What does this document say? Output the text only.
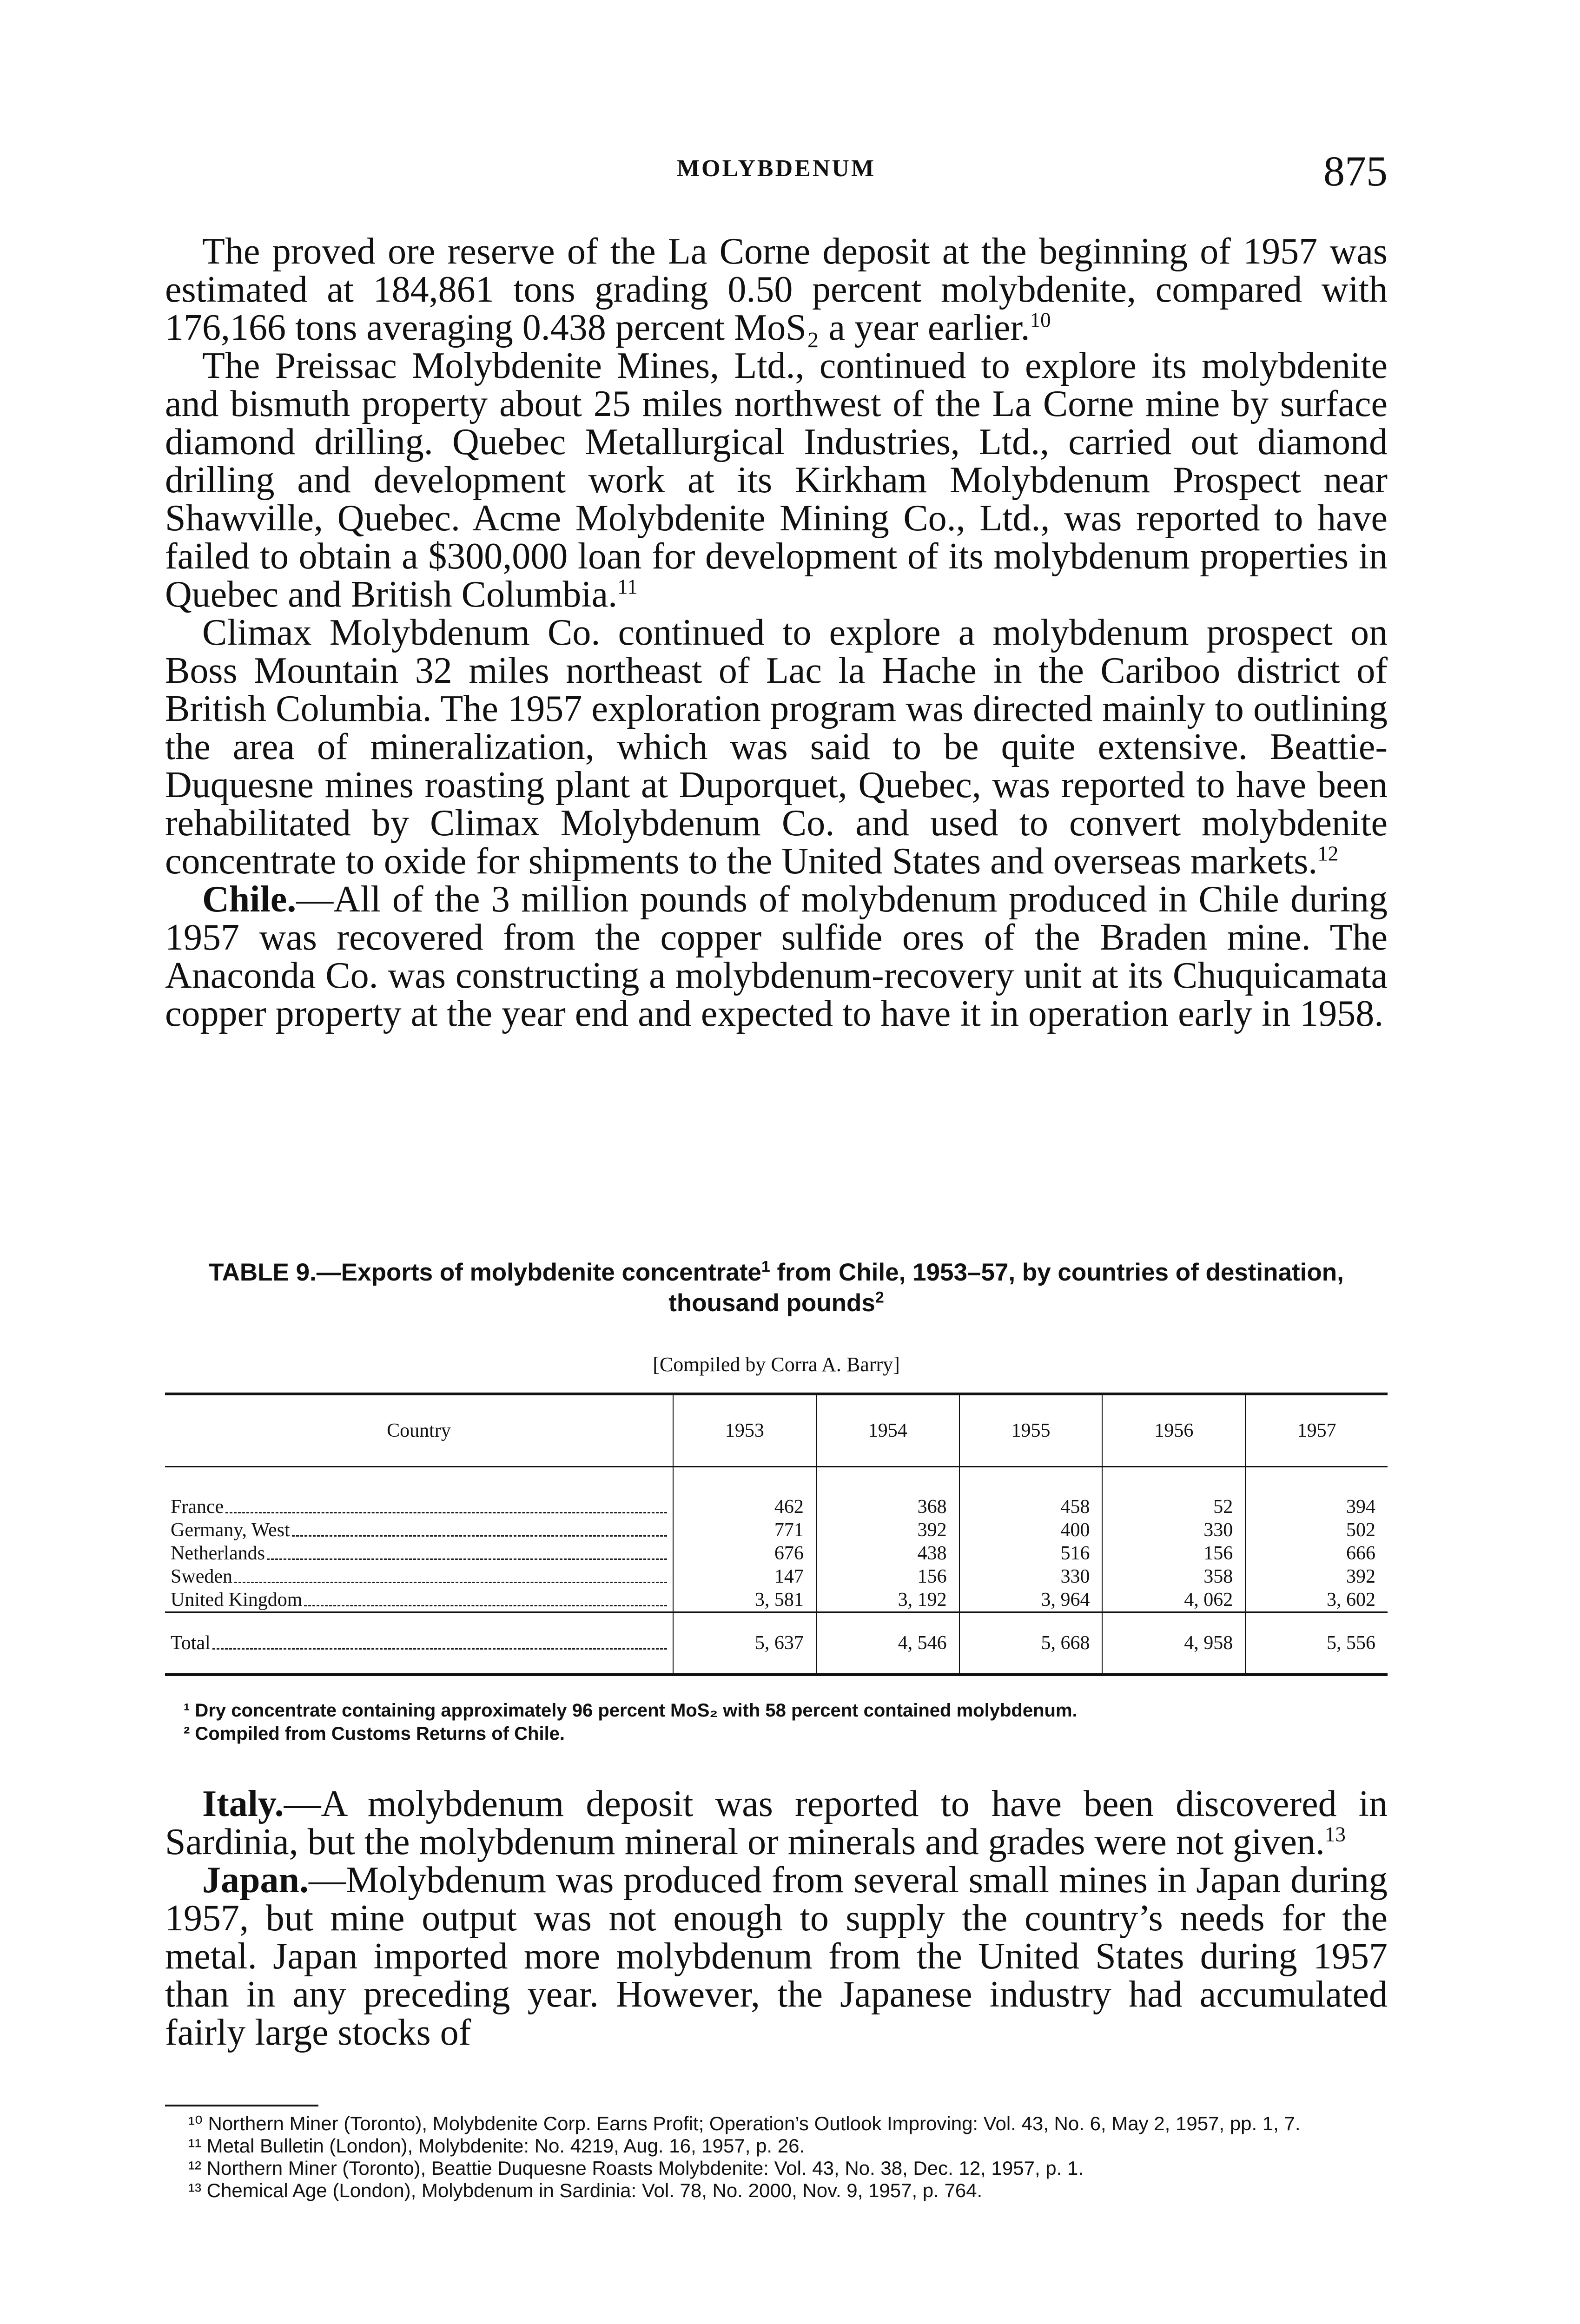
MOLYBDENUM	875

The proved ore reserve of the La Corne deposit at the beginning of 1957 was estimated at 184,861 tons grading 0.50 percent molybdenite, compared with 176,166 tons averaging 0.438 percent MoS₂ a year earlier.$^{10}$

The Preissac Molybdenite Mines, Ltd., continued to explore its molybdenite and bismuth property about 25 miles northwest of the La Corne mine by surface diamond drilling. Quebec Metallurgical Industries, Ltd., carried out diamond drilling and development work at its Kirkham Molybdenum Prospect near Shawville, Quebec. Acme Molybdenite Mining Co., Ltd., was reported to have failed to obtain a $300,000 loan for development of its molybdenum properties in Quebec and British Columbia.$^{11}$

Climax Molybdenum Co. continued to explore a molybdenum prospect on Boss Mountain 32 miles northeast of Lac la Hache in the Cariboo district of British Columbia. The 1957 exploration program was directed mainly to outlining the area of mineralization, which was said to be quite extensive. Beattie-Duquesne mines roasting plant at Duporquet, Quebec, was reported to have been rehabilitated by Climax Molybdenum Co. and used to convert molybdenite concentrate to oxide for shipments to the United States and overseas markets.$^{12}$

Chile.—All of the 3 million pounds of molybdenum produced in Chile during 1957 was recovered from the copper sulfide ores of the Braden mine. The Anaconda Co. was constructing a molybdenum-recovery unit at its Chuquicamata copper property at the year end and expected to have it in operation early in 1958.

TABLE 9.—Exports of molybdenite concentrate$^1$ from Chile, 1953–57, by countries of destination, thousand pounds$^2$
[Compiled by Corra A. Barry]
Country	1953	1954	1955	1956	1957

France	462	368	458	52	394

Germany, West	771	392	400	330	502

Netherlands	676	438	516	156	666

Sweden	147	156	330	358	392

United Kingdom	3, 581	3, 192	3, 964	4, 062	3, 602

Total	5, 637	4, 546	5, 668	4, 958	5, 556
¹ Dry concentrate containing approximately 96 percent MoS₂ with 58 percent contained molybdenum.
² Compiled from Customs Returns of Chile.

Italy.—A molybdenum deposit was reported to have been discovered in Sardinia, but the molybdenum mineral or minerals and grades were not given.$^{13}$

Japan.—Molybdenum was produced from several small mines in Japan during 1957, but mine output was not enough to supply the country’s needs for the metal. Japan imported more molybdenum from the United States during 1957 than in any preceding year. However, the Japanese industry had accumulated fairly large stocks of

¹⁰ Northern Miner (Toronto), Molybdenite Corp. Earns Profit; Operation’s Outlook Improving: Vol. 43, No. 6, May 2, 1957, pp. 1, 7.
¹¹ Metal Bulletin (London), Molybdenite: No. 4219, Aug. 16, 1957, p. 26.
¹² Northern Miner (Toronto), Beattie Duquesne Roasts Molybdenite: Vol. 43, No. 38, Dec. 12, 1957, p. 1.
¹³ Chemical Age (London), Molybdenum in Sardinia: Vol. 78, No. 2000, Nov. 9, 1957, p. 764.
